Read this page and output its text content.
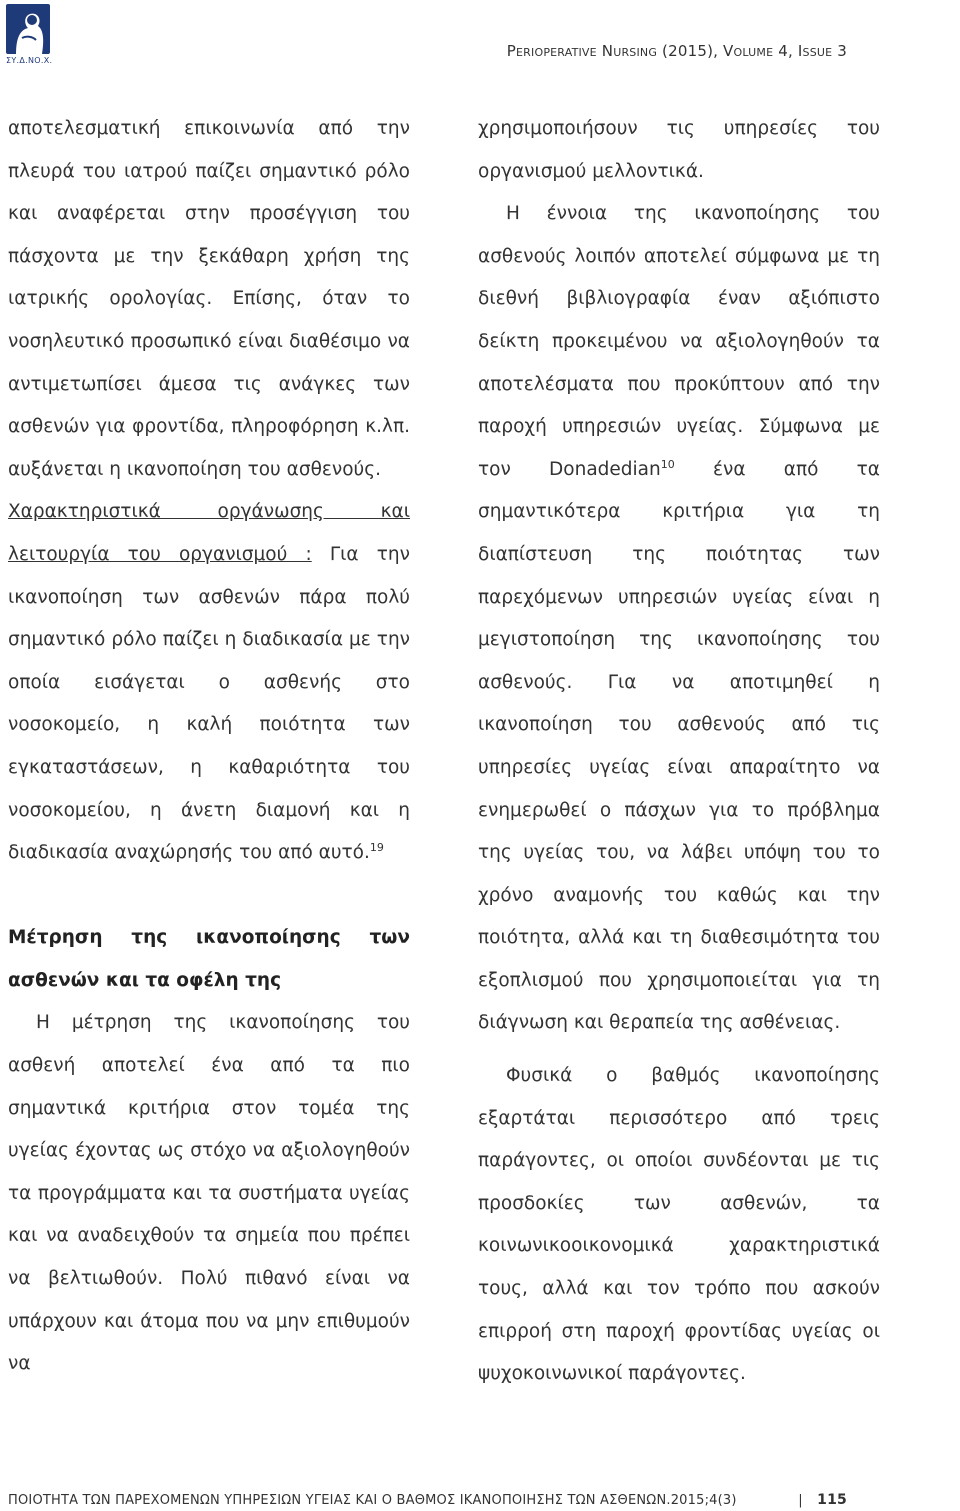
ΣΥ.Δ.ΝΟ.Χ.
Perioperative Nursing (2015), Volume 4, Issue 3

αποτελεσματική επικοινωνία από την πλευρά του ιατρού παίζει σημαντικό ρόλο και αναφέρεται στην προσέγγιση του πάσχοντα με την ξεκάθαρη χρήση της ιατρικής ορολογίας. Επίσης, όταν το νοσηλευτικό προσωπικό είναι διαθέσιμο να αντιμετωπίσει άμεσα τις ανάγκες των ασθενών για φροντίδα, πληροφόρηση κ.λπ. αυξάνεται η ικανοποίηση του ασθενούς.

Χαρακτηριστικά οργάνωσης και λειτουργία του οργανισμού : Για την ικανοποίηση των ασθενών πάρα πολύ σημαντικό ρόλο παίζει η διαδικασία με την οποία εισάγεται ο ασθενής στο νοσοκομείο, η καλή ποιότητα των εγκαταστάσεων, η καθαριότητα του νοσοκομείου, η άνετη διαμονή και η διαδικασία αναχώρησής του από αυτό.$^{19}$

Μέτρηση της ικανοποίησης των ασθενών και τα οφέλη της

Η μέτρηση της ικανοποίησης του ασθενή αποτελεί ένα από τα πιο σημαντικά κριτήρια στον τομέα της υγείας έχοντας ως στόχο να αξιολογηθούν τα προγράμματα και τα συστήματα υγείας και να αναδειχθούν τα σημεία που πρέπει να βελτιωθούν. Πολύ πιθανό είναι να υπάρχουν και άτομα που να μην επιθυμούν να

χρησιμοποιήσουν τις υπηρεσίες του οργανισμού μελλοντικά.

Η έννοια της ικανοποίησης του ασθενούς λοιπόν αποτελεί σύμφωνα με τη διεθνή βιβλιογραφία έναν αξιόπιστο δείκτη προκειμένου να αξιολογηθούν τα αποτελέσματα που προκύπτουν από την παροχή υπηρεσιών υγείας. Σύμφωνα με τον Donadedian$^{10}$ ένα από τα σημαντικότερα κριτήρια για τη διαπίστευση της ποιότητας των παρεχόμενων υπηρεσιών υγείας είναι η μεγιστοποίηση της ικανοποίησης του ασθενούς. Για να αποτιμηθεί η ικανοποίηση του ασθενούς από τις υπηρεσίες υγείας είναι απαραίτητο να ενημερωθεί ο πάσχων για το πρόβλημα της υγείας του, να λάβει υπόψη του το χρόνο αναμονής του καθώς και την ποιότητα, αλλά και τη διαθεσιμότητα του εξοπλισμού που χρησιμοποιείται για τη διάγνωση και θεραπεία της ασθένειας.

Φυσικά ο βαθμός ικανοποίησης εξαρτάται περισσότερο από τρεις παράγοντες, οι οποίοι συνδέονται με τις προσδοκίες των ασθενών, τα κοινωνικοοικονομικά χαρακτηριστικά τους, αλλά και τον τρόπο που ασκούν επιρροή στη παροχή φροντίδας υγείας οι ψυχοκοινωνικοί παράγοντες.

ΠΟΙΟΤΗΤΑ ΤΩΝ ΠΑΡΕΧΟΜΕΝΩΝ ΥΠΗΡΕΣΙΩΝ ΥΓΕΙΑΣ ΚΑΙ Ο ΒΑΘΜΟΣ ΙΚΑΝΟΠΟΙΗΣΗΣ ΤΩΝ ΑΣΘΕΝΩΝ.2015;4(3)	| 115
